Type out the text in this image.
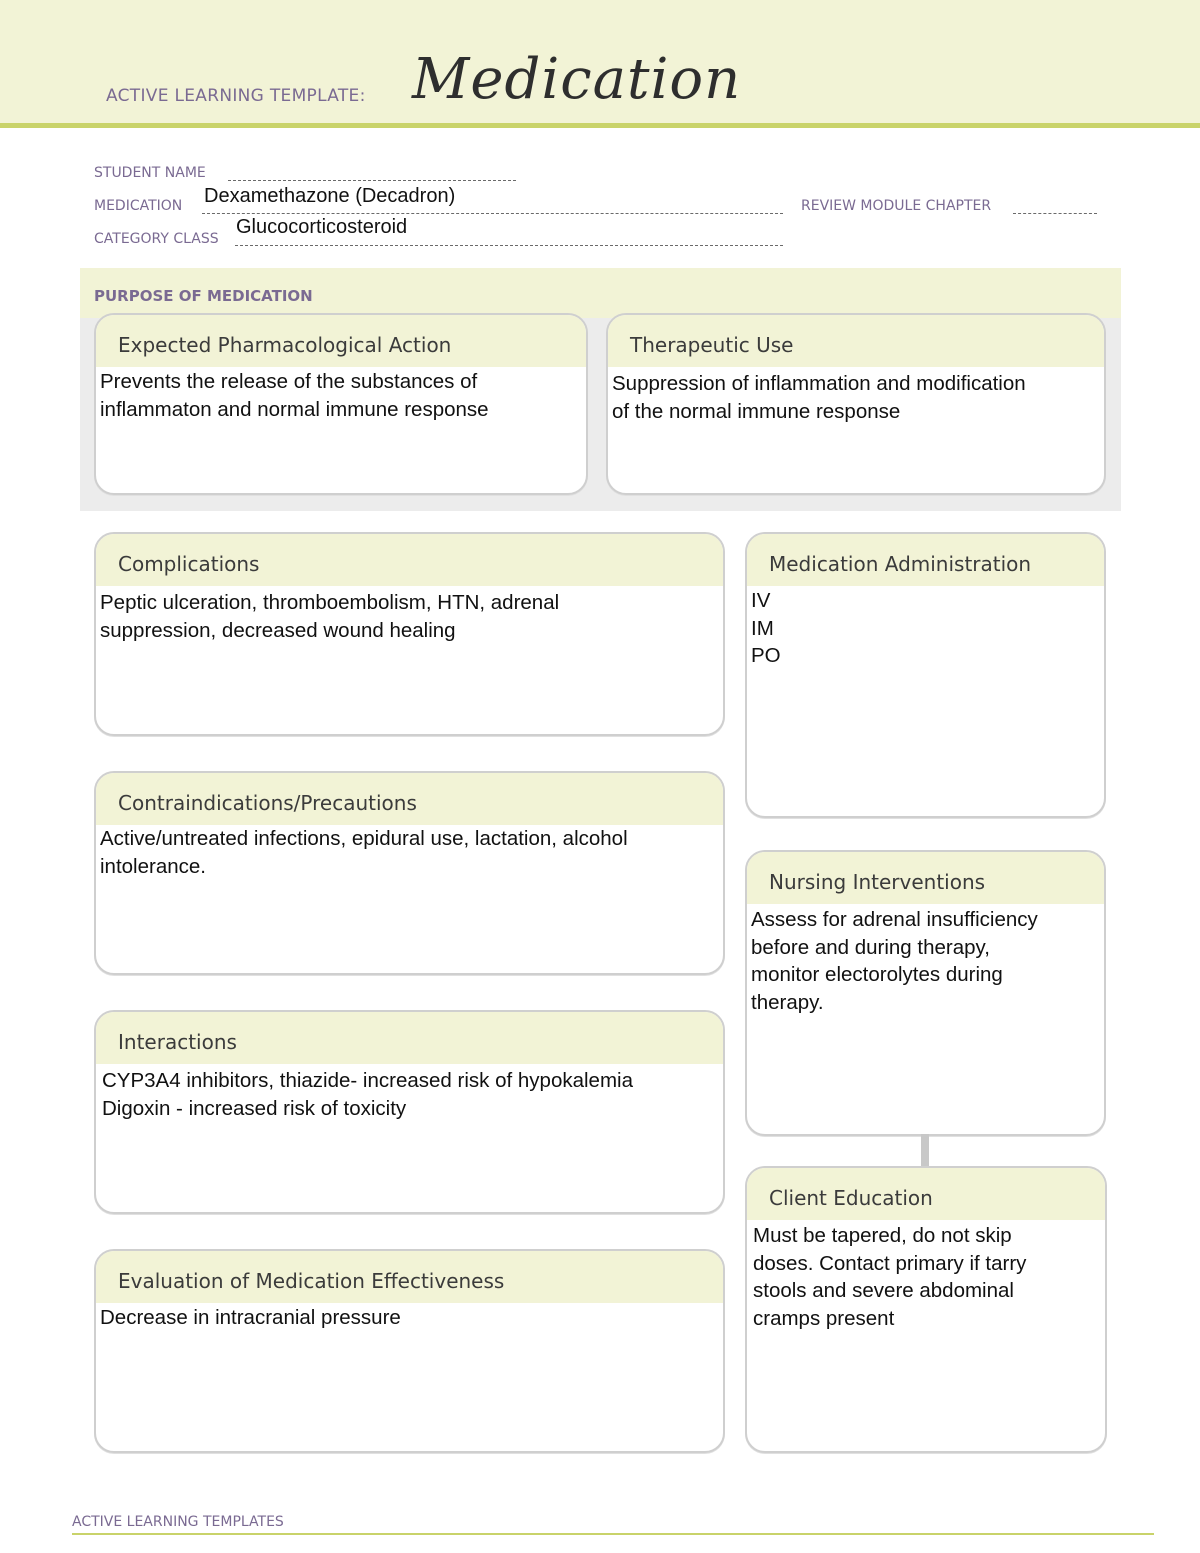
ACTIVE LEARNING TEMPLATE: Medication
STUDENT NAME
MEDICATION Dexamethazone (Decadron)	REVIEW MODULE CHAPTER
CATEGORY CLASS
Glucocorticosteroid
PURPOSE OF MEDICATION
Expected Pharmacological Action
Prevents the release of the substances of
inflammaton and normal immune response
Therapeutic Use
Suppression of inflammation and modification
of the normal immune response
Complications
Peptic ulceration, thromboembolism, HTN, adrenal
suppression, decreased wound healing
Contraindications/Precautions
Active/untreated infections, epidural use, lactation, alcohol
intolerance.
Interactions
CYP3A4 inhibitors, thiazide- increased risk of hypokalemia
Digoxin - increased risk of toxicity
Evaluation of Medication Effectiveness
Decrease in intracranial pressure
Medication Administration
IV
IM
PO
Nursing Interventions
Assess for adrenal insufficiency
before and during therapy,
monitor electorolytes during
therapy.
Client Education
Must be tapered, do not skip
doses. Contact primary if tarry
stools and severe abdominal
cramps present
ACTIVE LEARNING TEMPLATES
